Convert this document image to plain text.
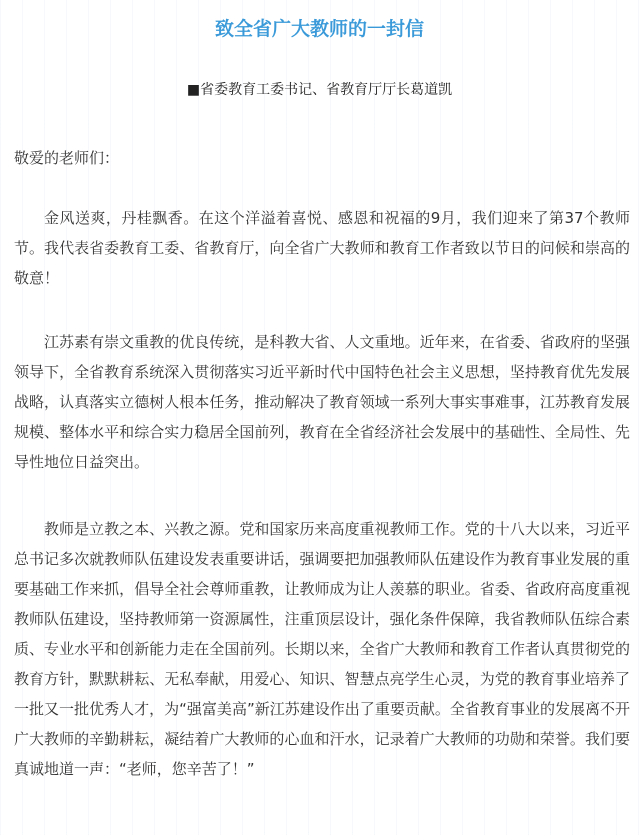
致全省广大教师的一封信
■省委教育工委书记、省教育厅厅长葛道凯
敬爱的老师们：

金风送爽，丹桂飘香。在这个洋溢着喜悦、感恩和祝福的9月，我们迎来了第37个教师节。我代表省委教育工委、省教育厅，向全省广大教师和教育工作者致以节日的问候和崇高的敬意！

江苏素有崇文重教的优良传统，是科教大省、人文重地。近年来，在省委、省政府的坚强领导下，全省教育系统深入贯彻落实习近平新时代中国特色社会主义思想，坚持教育优先发展战略，认真落实立德树人根本任务，推动解决了教育领域一系列大事实事难事，江苏教育发展规模、整体水平和综合实力稳居全国前列，教育在全省经济社会发展中的基础性、全局性、先导性地位日益突出。

教师是立教之本、兴教之源。党和国家历来高度重视教师工作。党的十八大以来，习近平总书记多次就教师队伍建设发表重要讲话，强调要把加强教师队伍建设作为教育事业发展的重要基础工作来抓，倡导全社会尊师重教，让教师成为让人羡慕的职业。省委、省政府高度重视教师队伍建设，坚持教师第一资源属性，注重顶层设计，强化条件保障，我省教师队伍综合素质、专业水平和创新能力走在全国前列。长期以来，全省广大教师和教育工作者认真贯彻党的教育方针，默默耕耘、无私奉献，用爱心、知识、智慧点亮学生心灵，为党的教育事业培养了一批又一批优秀人才，为“强富美高”新江苏建设作出了重要贡献。全省教育事业的发展离不开广大教师的辛勤耕耘，凝结着广大教师的心血和汗水，记录着广大教师的功勋和荣誉。我们要真诚地道一声：“老师，您辛苦了！”
